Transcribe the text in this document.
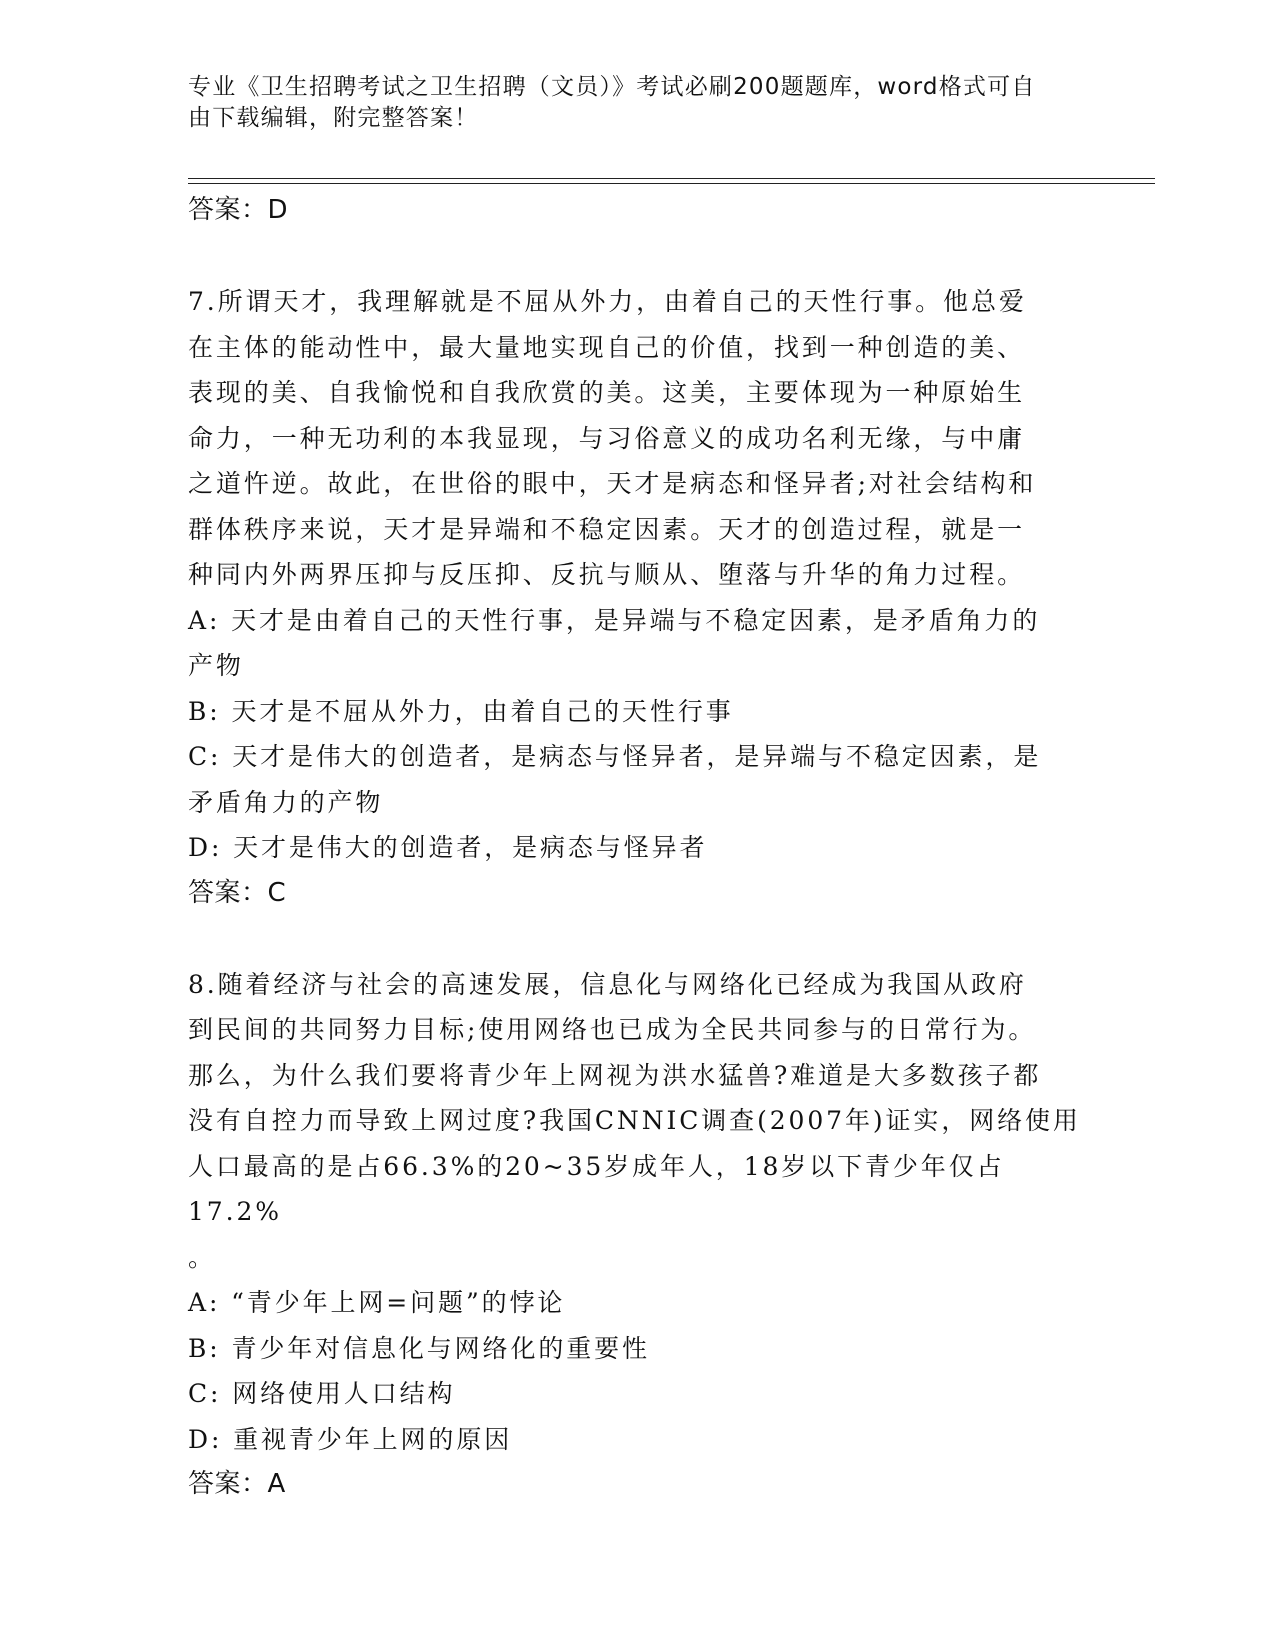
专业《卫生招聘考试之卫生招聘（文员）》考试必刷200题题库，word格式可自
由下载编辑，附完整答案！

答案：D

7.所谓天才，我理解就是不屈从外力，由着自己的天性行事。他总爱

在主体的能动性中，最大量地实现自己的价值，找到一种创造的美、

表现的美、自我愉悦和自我欣赏的美。这美，主要体现为一种原始生

命力，一种无功利的本我显现，与习俗意义的成功名利无缘，与中庸

之道忤逆。故此，在世俗的眼中，天才是病态和怪异者;对社会结构和

群体秩序来说，天才是异端和不稳定因素。天才的创造过程，就是一

种同内外两界压抑与反压抑、反抗与顺从、堕落与升华的角力过程。

A: 天才是由着自己的天性行事，是异端与不稳定因素，是矛盾角力的

产物

B: 天才是不屈从外力，由着自己的天性行事

C: 天才是伟大的创造者，是病态与怪异者，是异端与不稳定因素，是

矛盾角力的产物

D: 天才是伟大的创造者，是病态与怪异者

答案：C

8.随着经济与社会的高速发展，信息化与网络化已经成为我国从政府

到民间的共同努力目标;使用网络也已成为全民共同参与的日常行为。

那么，为什么我们要将青少年上网视为洪水猛兽?难道是大多数孩子都

没有自控力而导致上网过度?我国CNNIC调查(2007年)证实，网络使用

人口最高的是占66.3%的20~35岁成年人，18岁以下青少年仅占17.2%

。

A: “青少年上网=问题”的悖论

B: 青少年对信息化与网络化的重要性

C: 网络使用人口结构

D: 重视青少年上网的原因

答案：A
